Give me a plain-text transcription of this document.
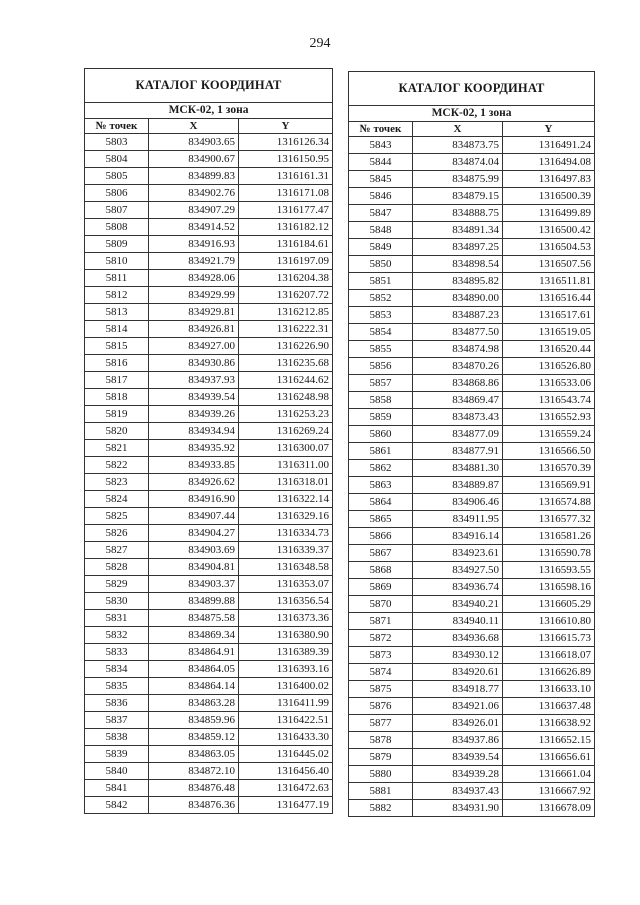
294
КАТАЛОГ КООРДИНАТ		
МСК-02, 1 зона		
№ точек	X	Y
5803	834903.65	1316126.34
5804	834900.67	1316150.95
5805	834899.83	1316161.31
5806	834902.76	1316171.08
5807	834907.29	1316177.47
5808	834914.52	1316182.12
5809	834916.93	1316184.61
5810	834921.79	1316197.09
5811	834928.06	1316204.38
5812	834929.99	1316207.72
5813	834929.81	1316212.85
5814	834926.81	1316222.31
5815	834927.00	1316226.90
5816	834930.86	1316235.68
5817	834937.93	1316244.62
5818	834939.54	1316248.98
5819	834939.26	1316253.23
5820	834934.94	1316269.24
5821	834935.92	1316300.07
5822	834933.85	1316311.00
5823	834926.62	1316318.01
5824	834916.90	1316322.14
5825	834907.44	1316329.16
5826	834904.27	1316334.73
5827	834903.69	1316339.37
5828	834904.81	1316348.58
5829	834903.37	1316353.07
5830	834899.88	1316356.54
5831	834875.58	1316373.36
5832	834869.34	1316380.90
5833	834864.91	1316389.39
5834	834864.05	1316393.16
5835	834864.14	1316400.02
5836	834863.28	1316411.99
5837	834859.96	1316422.51
5838	834859.12	1316433.30
5839	834863.05	1316445.02
5840	834872.10	1316456.40
5841	834876.48	1316472.63
5842	834876.36	1316477.19
КАТАЛОГ КООРДИНАТ		
МСК-02, 1 зона		
№ точек	X	Y
5843	834873.75	1316491.24
5844	834874.04	1316494.08
5845	834875.99	1316497.83
5846	834879.15	1316500.39
5847	834888.75	1316499.89
5848	834891.34	1316500.42
5849	834897.25	1316504.53
5850	834898.54	1316507.56
5851	834895.82	1316511.81
5852	834890.00	1316516.44
5853	834887.23	1316517.61
5854	834877.50	1316519.05
5855	834874.98	1316520.44
5856	834870.26	1316526.80
5857	834868.86	1316533.06
5858	834869.47	1316543.74
5859	834873.43	1316552.93
5860	834877.09	1316559.24
5861	834877.91	1316566.50
5862	834881.30	1316570.39
5863	834889.87	1316569.91
5864	834906.46	1316574.88
5865	834911.95	1316577.32
5866	834916.14	1316581.26
5867	834923.61	1316590.78
5868	834927.50	1316593.55
5869	834936.74	1316598.16
5870	834940.21	1316605.29
5871	834940.11	1316610.80
5872	834936.68	1316615.73
5873	834930.12	1316618.07
5874	834920.61	1316626.89
5875	834918.77	1316633.10
5876	834921.06	1316637.48
5877	834926.01	1316638.92
5878	834937.86	1316652.15
5879	834939.54	1316656.61
5880	834939.28	1316661.04
5881	834937.43	1316667.92
5882	834931.90	1316678.09
